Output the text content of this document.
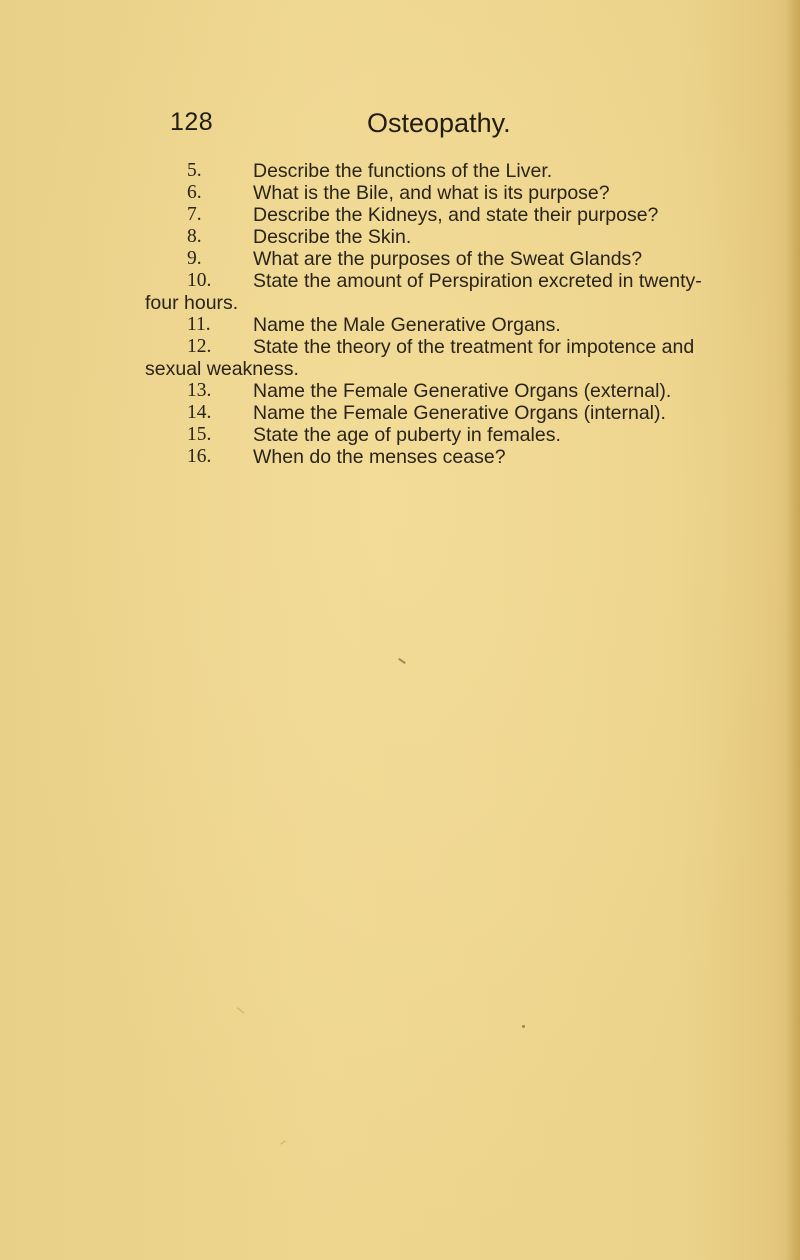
128	Osteopathy.
5.	Describe the functions of the Liver.
6.	What is the Bile, and what is its purpose?
7.	Describe the Kidneys, and state their purpose?
8.	Describe the Skin.
9.	What are the purposes of the Sweat Glands?
10. State the amount of Perspiration excreted in twenty-
four hours.
11. Name the Male Generative Organs.
12. State the theory of the treatment for impotence and
sexual weakness.
13. Name the Female Generative Organs (external).
14. Name the Female Generative Organs (internal).
15. State the age of puberty in females.
16. When do the menses cease?
